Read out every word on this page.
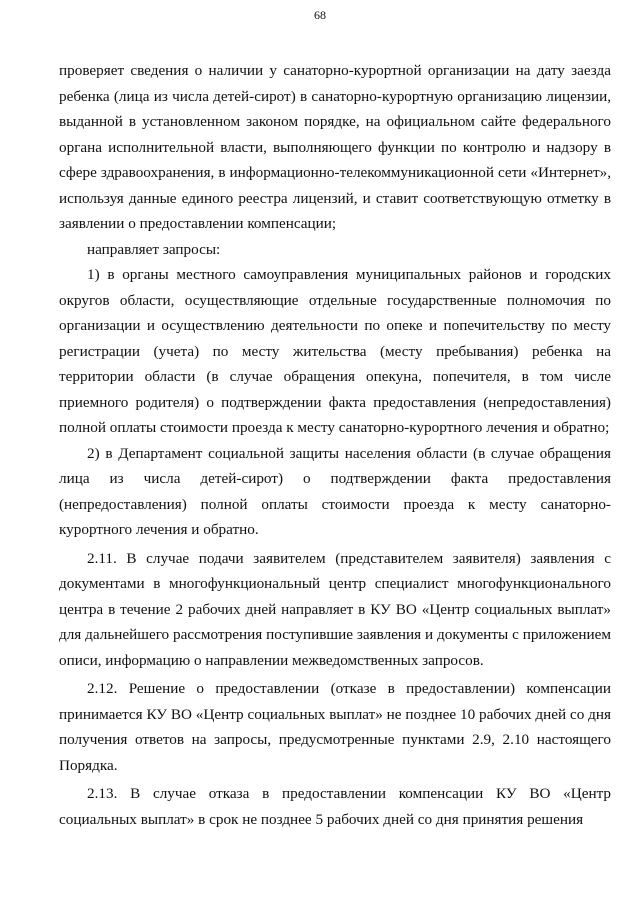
68

проверяет сведения о наличии у санаторно-курортной организации на дату заезда ребенка (лица из числа детей-сирот) в санаторно-курортную организацию лицензии, выданной в установленном законом порядке, на официальном сайте федерального органа исполнительной власти, выполняющего функции по контролю и надзору в сфере здравоохранения, в информационно-телекоммуникационной сети «Интернет», используя данные единого реестра лицензий, и ставит соответствующую отметку в заявлении о предоставлении компенсации;

направляет запросы:

1) в органы местного самоуправления муниципальных районов и городских округов области, осуществляющие отдельные государственные полномочия по организации и осуществлению деятельности по опеке и попечительству по месту регистрации (учета) по месту жительства (месту пребывания) ребенка на территории области (в случае обращения опекуна, попечителя, в том числе приемного родителя) о подтверждении факта предоставления (непредоставления) полной оплаты стоимости проезда к месту санаторно-курортного лечения и обратно;

2) в Департамент социальной защиты населения области (в случае обращения лица из числа детей-сирот) о подтверждении факта предоставления (непредоставления) полной оплаты стоимости проезда к месту санаторно-курортного лечения и обратно.

2.11. В случае подачи заявителем (представителем заявителя) заявления с документами в многофункциональный центр специалист многофункционального центра в течение 2 рабочих дней направляет в КУ ВО «Центр социальных выплат» для дальнейшего рассмотрения поступившие заявления и документы с приложением описи, информацию о направлении межведомственных запросов.

2.12. Решение о предоставлении (отказе в предоставлении) компенсации принимается КУ ВО «Центр социальных выплат» не позднее 10 рабочих дней со дня получения ответов на запросы, предусмотренные пунктами 2.9, 2.10 настоящего Порядка.

2.13. В случае отказа в предоставлении компенсации КУ ВО «Центр социальных выплат» в срок не позднее 5 рабочих дней со дня принятия решения
